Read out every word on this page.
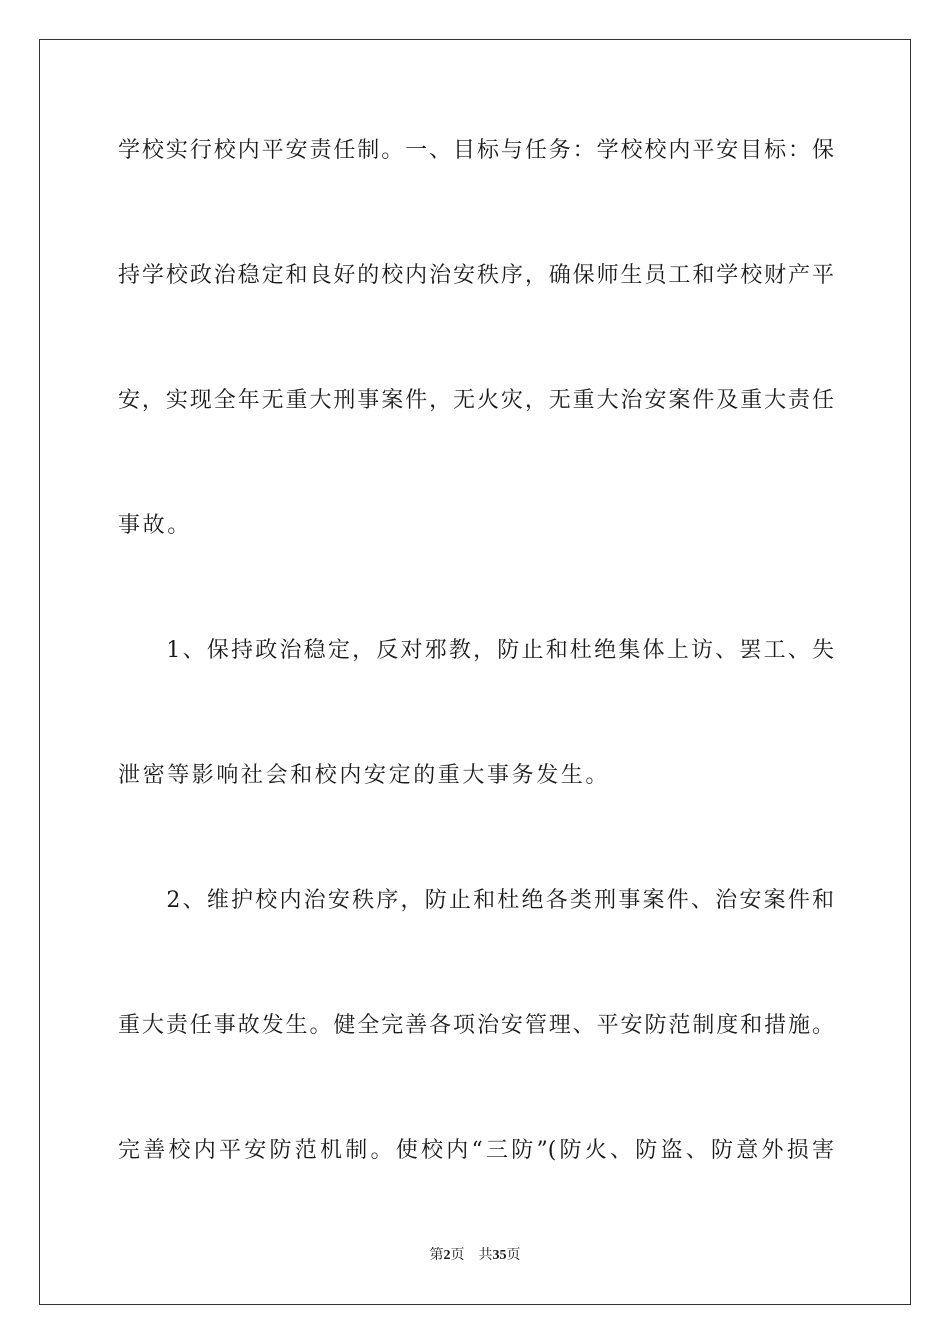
学校实行校内平安责任制。一、目标与任务：学校校内平安目标：保
持学校政治稳定和良好的校内治安秩序，确保师生员工和学校财产平
安，实现全年无重大刑事案件，无火灾，无重大治安案件及重大责任
事故。
　　1、保持政治稳定，反对邪教，防止和杜绝集体上访、罢工、失
泄密等影响社会和校内安定的重大事务发生。
　　2、维护校内治安秩序，防止和杜绝各类刑事案件、治安案件和
重大责任事故发生。健全完善各项治安管理、平安防范制度和措施。
完善校内平安防范机制。使校内“三防”(防火、防盗、防意外损害
第2页　共35页
